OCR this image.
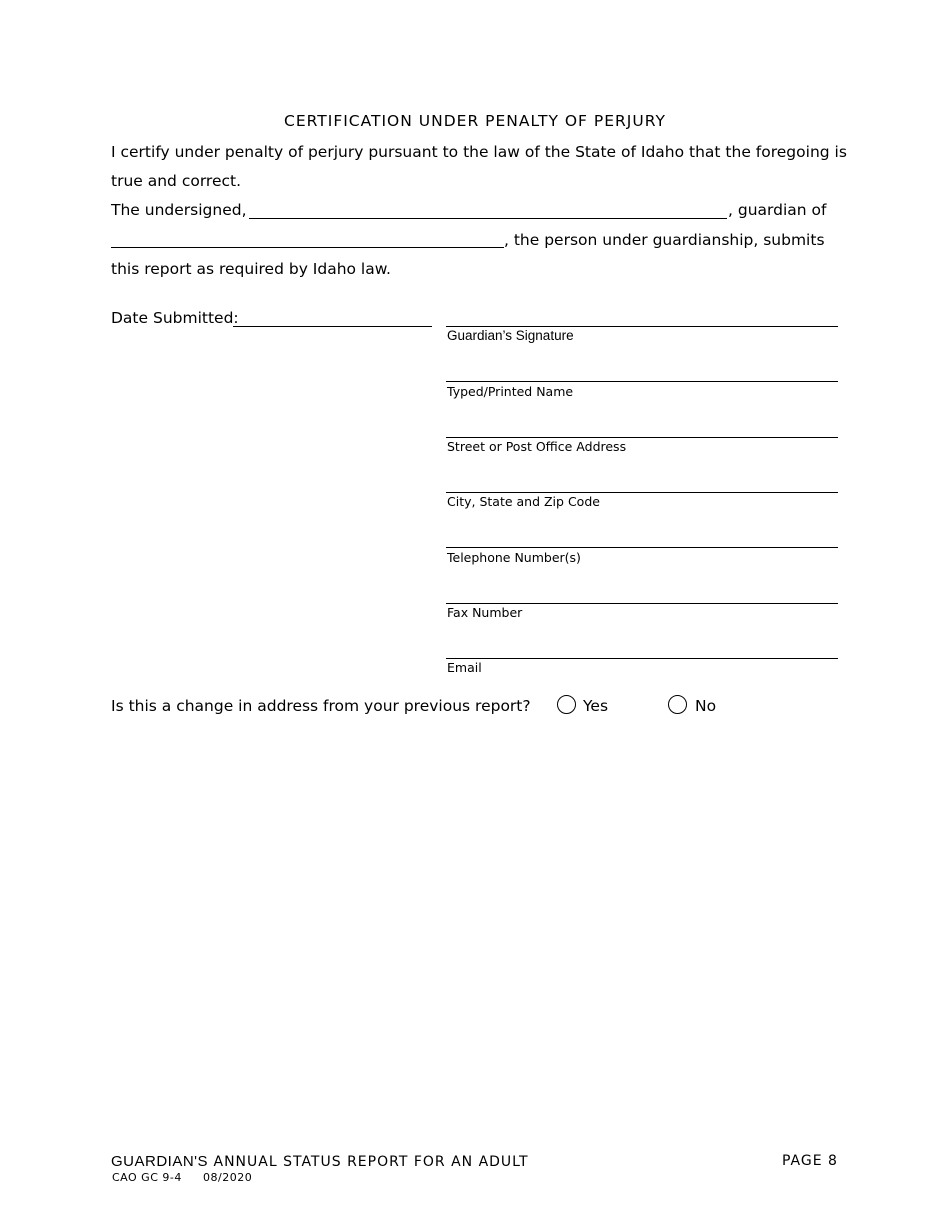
CERTIFICATION UNDER PENALTY OF PERJURY
I certify under penalty of perjury pursuant to the law of the State of Idaho that the foregoing is
true and correct.
The undersigned,	, guardian of
, the person under guardianship, submits
this report as required by Idaho law.
Date Submitted:
Guardian’s Signature
Typed/Printed Name
Street or Post Office Address
City, State and Zip Code
Telephone Number(s)
Fax Number
Email
Is this a change in address from your previous report?	Yes	No
GUARDIAN'S ANNUAL STATUS REPORT FOR AN ADULT	PAGE 8
CAO GC 9-4 08/2020
